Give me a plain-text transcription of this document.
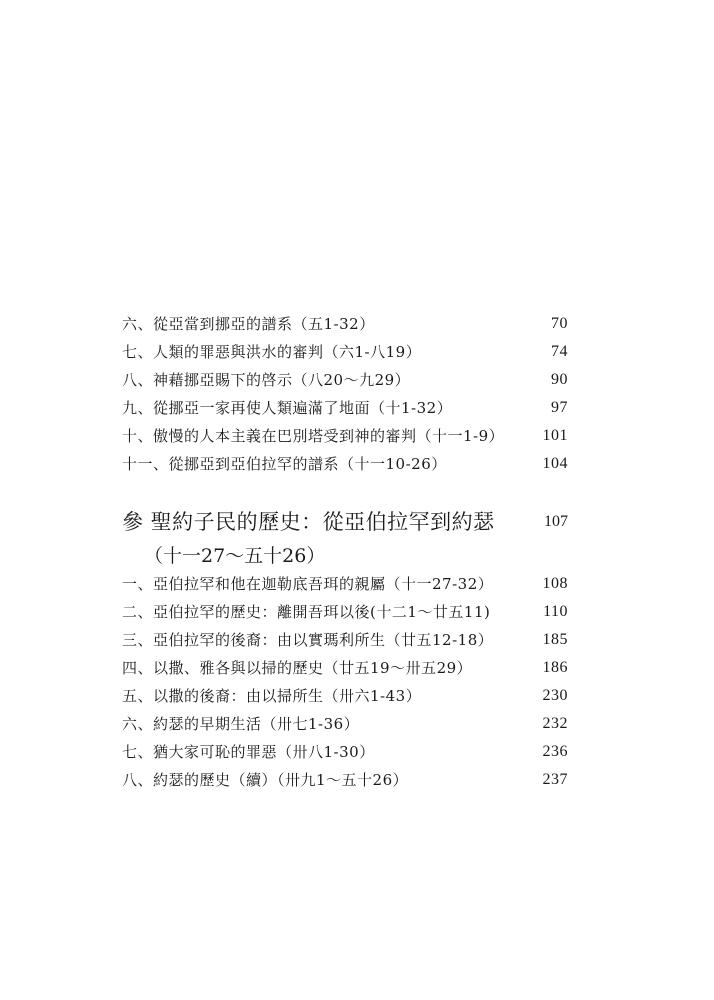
六、從亞當到挪亞的譜系（五1-32）	70
七、人類的罪惡與洪水的審判（六1-八19）	74
八、神藉挪亞賜下的啓示（八20～九29）	90
九、從挪亞一家再使人類遍滿了地面（十1-32）	97
十、傲慢的人本主義在巴別塔受到神的審判（十一1-9） 101
十一、從挪亞到亞伯拉罕的譜系（十一10-26）	104
參 聖約子民的歷史：從亞伯拉罕到約瑟	107
（十一27～五十26）
一、亞伯拉罕和他在迦勒底吾珥的親屬（十一27-32）	108
二、亞伯拉罕的歷史：離開吾珥以後(十二1～廿五11)	110
三、亞伯拉罕的後裔：由以實瑪利所生（廿五12-18）	185
四、以撒、雅各與以掃的歷史（廿五19～卅五29）	186
五、以撒的後裔：由以掃所生（卅六1-43）	230
六、約瑟的早期生活（卅七1-36）	232
七、猶大家可恥的罪惡（卅八1-30）	236
八、約瑟的歷史（續）（卅九1～五十26）	237
